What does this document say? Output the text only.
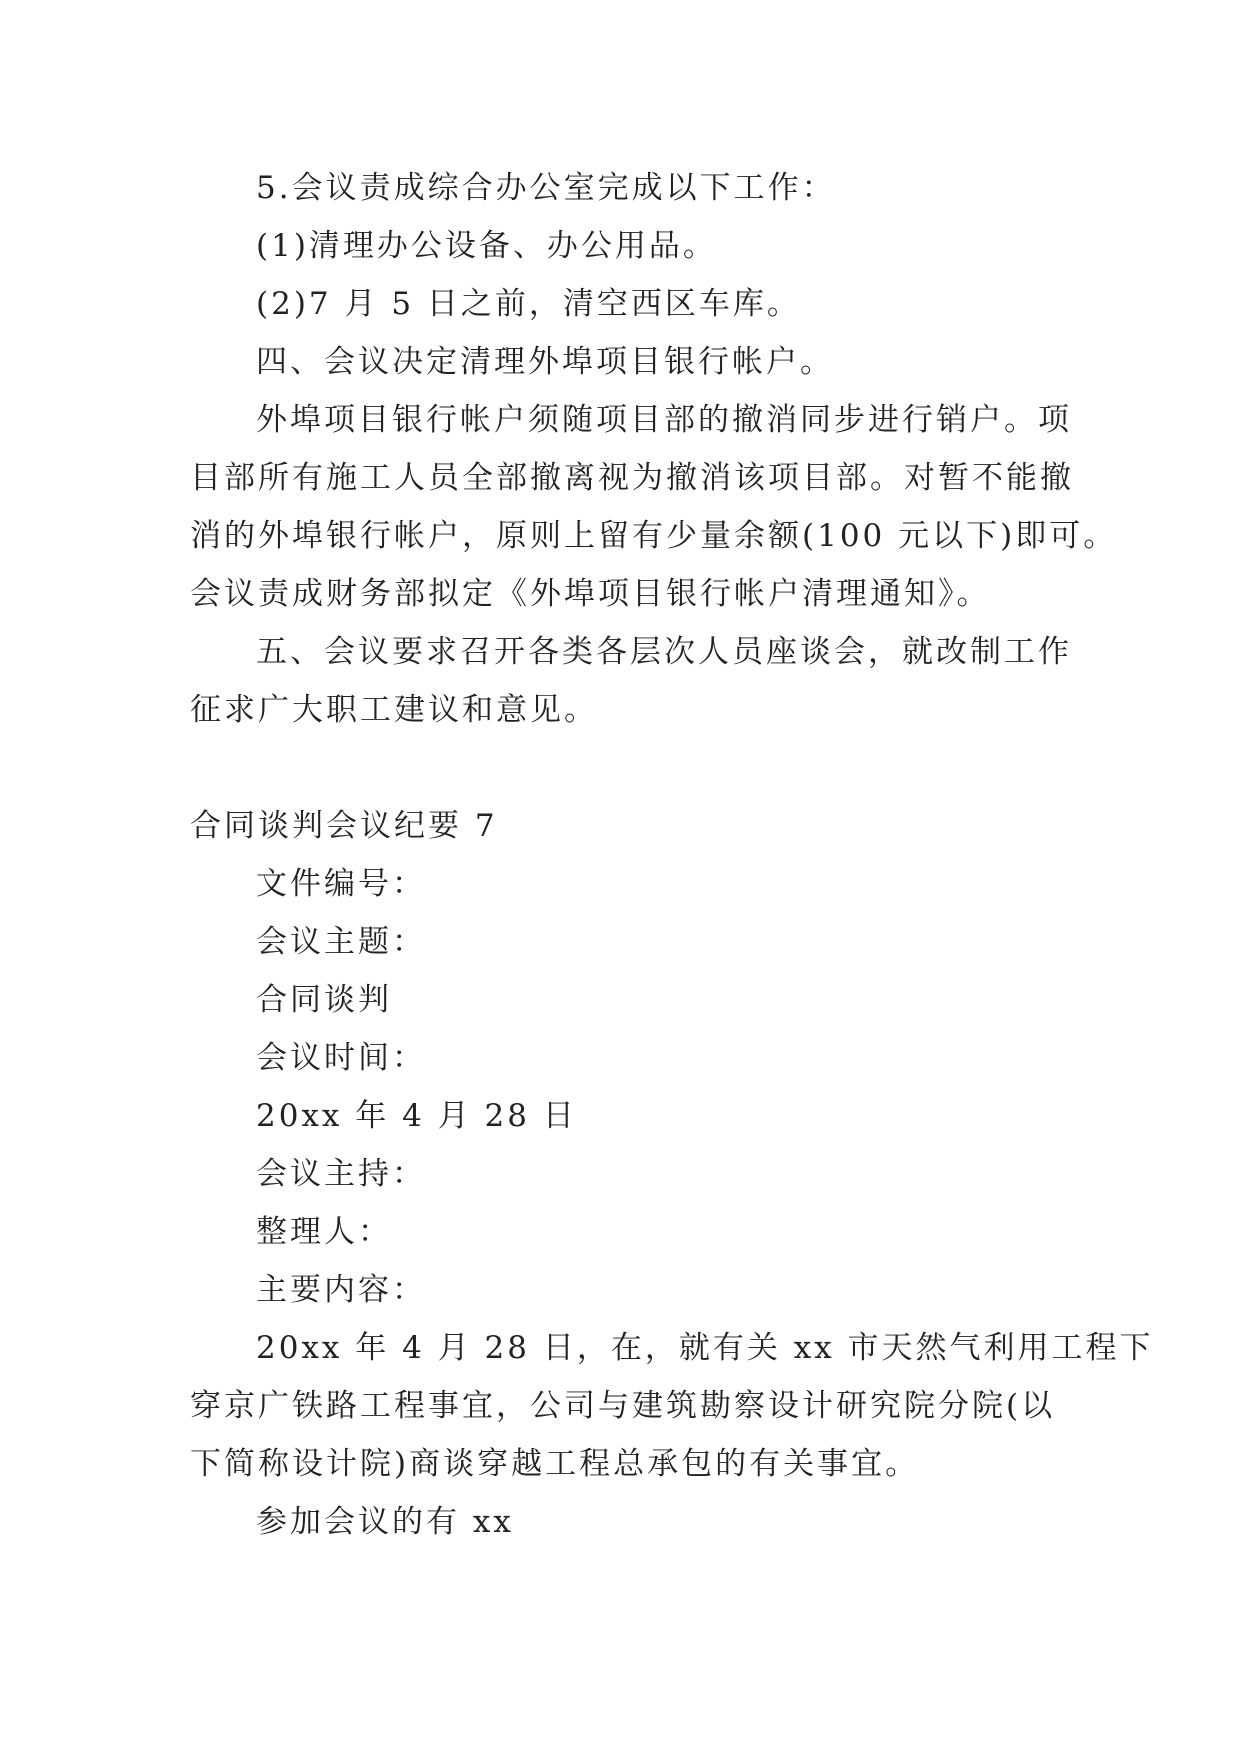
5.会议责成综合办公室完成以下工作：
(1)清理办公设备、办公用品。
(2)7 月 5 日之前，清空西区车库。
四、会议决定清理外埠项目银行帐户。
外埠项目银行帐户须随项目部的撤消同步进行销户。项
目部所有施工人员全部撤离视为撤消该项目部。对暂不能撤
消的外埠银行帐户，原则上留有少量余额(100 元以下)即可。
会议责成财务部拟定《外埠项目银行帐户清理通知》。
五、会议要求召开各类各层次人员座谈会，就改制工作
征求广大职工建议和意见。
合同谈判会议纪要 7
文件编号：
会议主题：
合同谈判
会议时间：
20xx 年 4 月 28 日
会议主持：
整理人：
主要内容：
20xx 年 4 月 28 日，在，就有关 xx 市天然气利用工程下
穿京广铁路工程事宜，公司与建筑勘察设计研究院分院(以
下简称设计院)商谈穿越工程总承包的有关事宜。
参加会议的有 xx
